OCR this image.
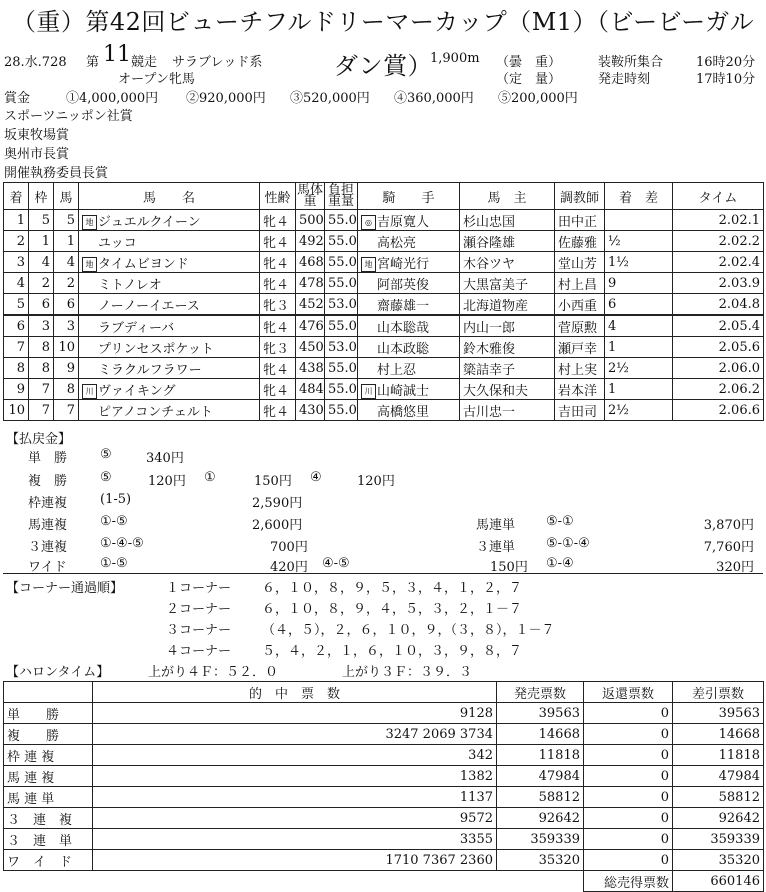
（重）第42回ビューチフルドリーマーカップ（M1）（ビービーガルダン賞）
28.水.728 第 11 競走 サラブレッド系
オープン牝馬
1,900m （曇　重）
（定　量）
装鞍所集合	16時20分
発走時刻	17時10分
賞金	①4,000,000円 ②920,000円 ③520,000円 ④360,000円 ⑤200,000円
スポーツニッポン社賞
坂東牧場賞
奥州市長賞
開催執務委員長賞
着	枠	馬	馬　　名	性齢	馬体重	負担重量	騎　　手	馬　主	調教師	着　差	タイム
1	5	5	地 ジュエルクイーン	牝４	500	55.0	◎ 吉原寛人	杉山忠国	田中正		2.02.1
2	1	1	ユッコ	牝４	492	55.0	高松亮	瀬谷隆雄	佐藤雅	½	2.02.2
3	4	4	地 タイムビヨンド	牝４	468	55.0	地 宮崎光行	木谷ツヤ	堂山芳	1½	2.02.4
4	2	2	ミトノレオ	牝４	478	55.0	阿部英俊	大黒富美子	村上昌	9	2.03.9
5	6	6	ノーノーイエース	牝３	452	53.0	齋藤雄一	北海道物産	小西重	6	2.04.8
6	3	3	ラブディーバ	牝４	476	55.0	山本聡哉	内山一郎	菅原勲	4	2.05.4
7	8	10	プリンセスポケット	牝３	450	53.0	山本政聡	鈴木雅俊	瀬戸幸	1	2.05.6
8	8	9	ミラクルフラワー	牝４	438	55.0	村上忍	簗詰幸子	村上実	2½	2.06.0
9	7	8	川 ヴァイキング	牝４	484	55.0	川 山崎誠士	大久保和夫	岩本洋	1	2.06.2
10	7	7	ピアノコンチェルト	牝４	430	55.0	高橋悠里	古川忠一	吉田司	2½	2.06.6
【払戻金】
単　勝	⑤	340円
複　勝	⑤	120円 ①	150円 ④	120円
枠連複	(1-5)	2,590円
馬連複	①-⑤	2,600円	馬連単 ⑤-①	3,870円
３連複	①-④-⑤	700円	３連単 ⑤-①-④	7,760円
ワイド	①-⑤	420円 ④-⑤	150円 ①-④	320円
【コーナー通過順】	１コーナー ６，１０，８，９，５，３，４，１，２，７
２コーナー ６，１０，８，９，４，５，３，２，１－７
３コーナー （４，５），２，６，１０，９，（３，８），１－７
４コーナー ５，４，２，１，６，１０，３，９，８，７
【ハロンタイム】	上がり４Ｆ：５２．０	上がり３Ｆ：３９．３
	的　中　票　数	発売票数	返還票数	差引票数
単　　勝	9128	39563	0	39563
複　　勝	3247 2069 3734	14668	0	14668
枠 連 複	342	11818	0	11818
馬 連 複	1382	47984	0	47984
馬 連 単	1137	58812	0	58812
３　連　複	9572	92642	0	92642
３　連　単	3355	359339	0	359339
ワ　イ　ド	1710 7367 2360	35320	0	35320
			総売得票数	660146
